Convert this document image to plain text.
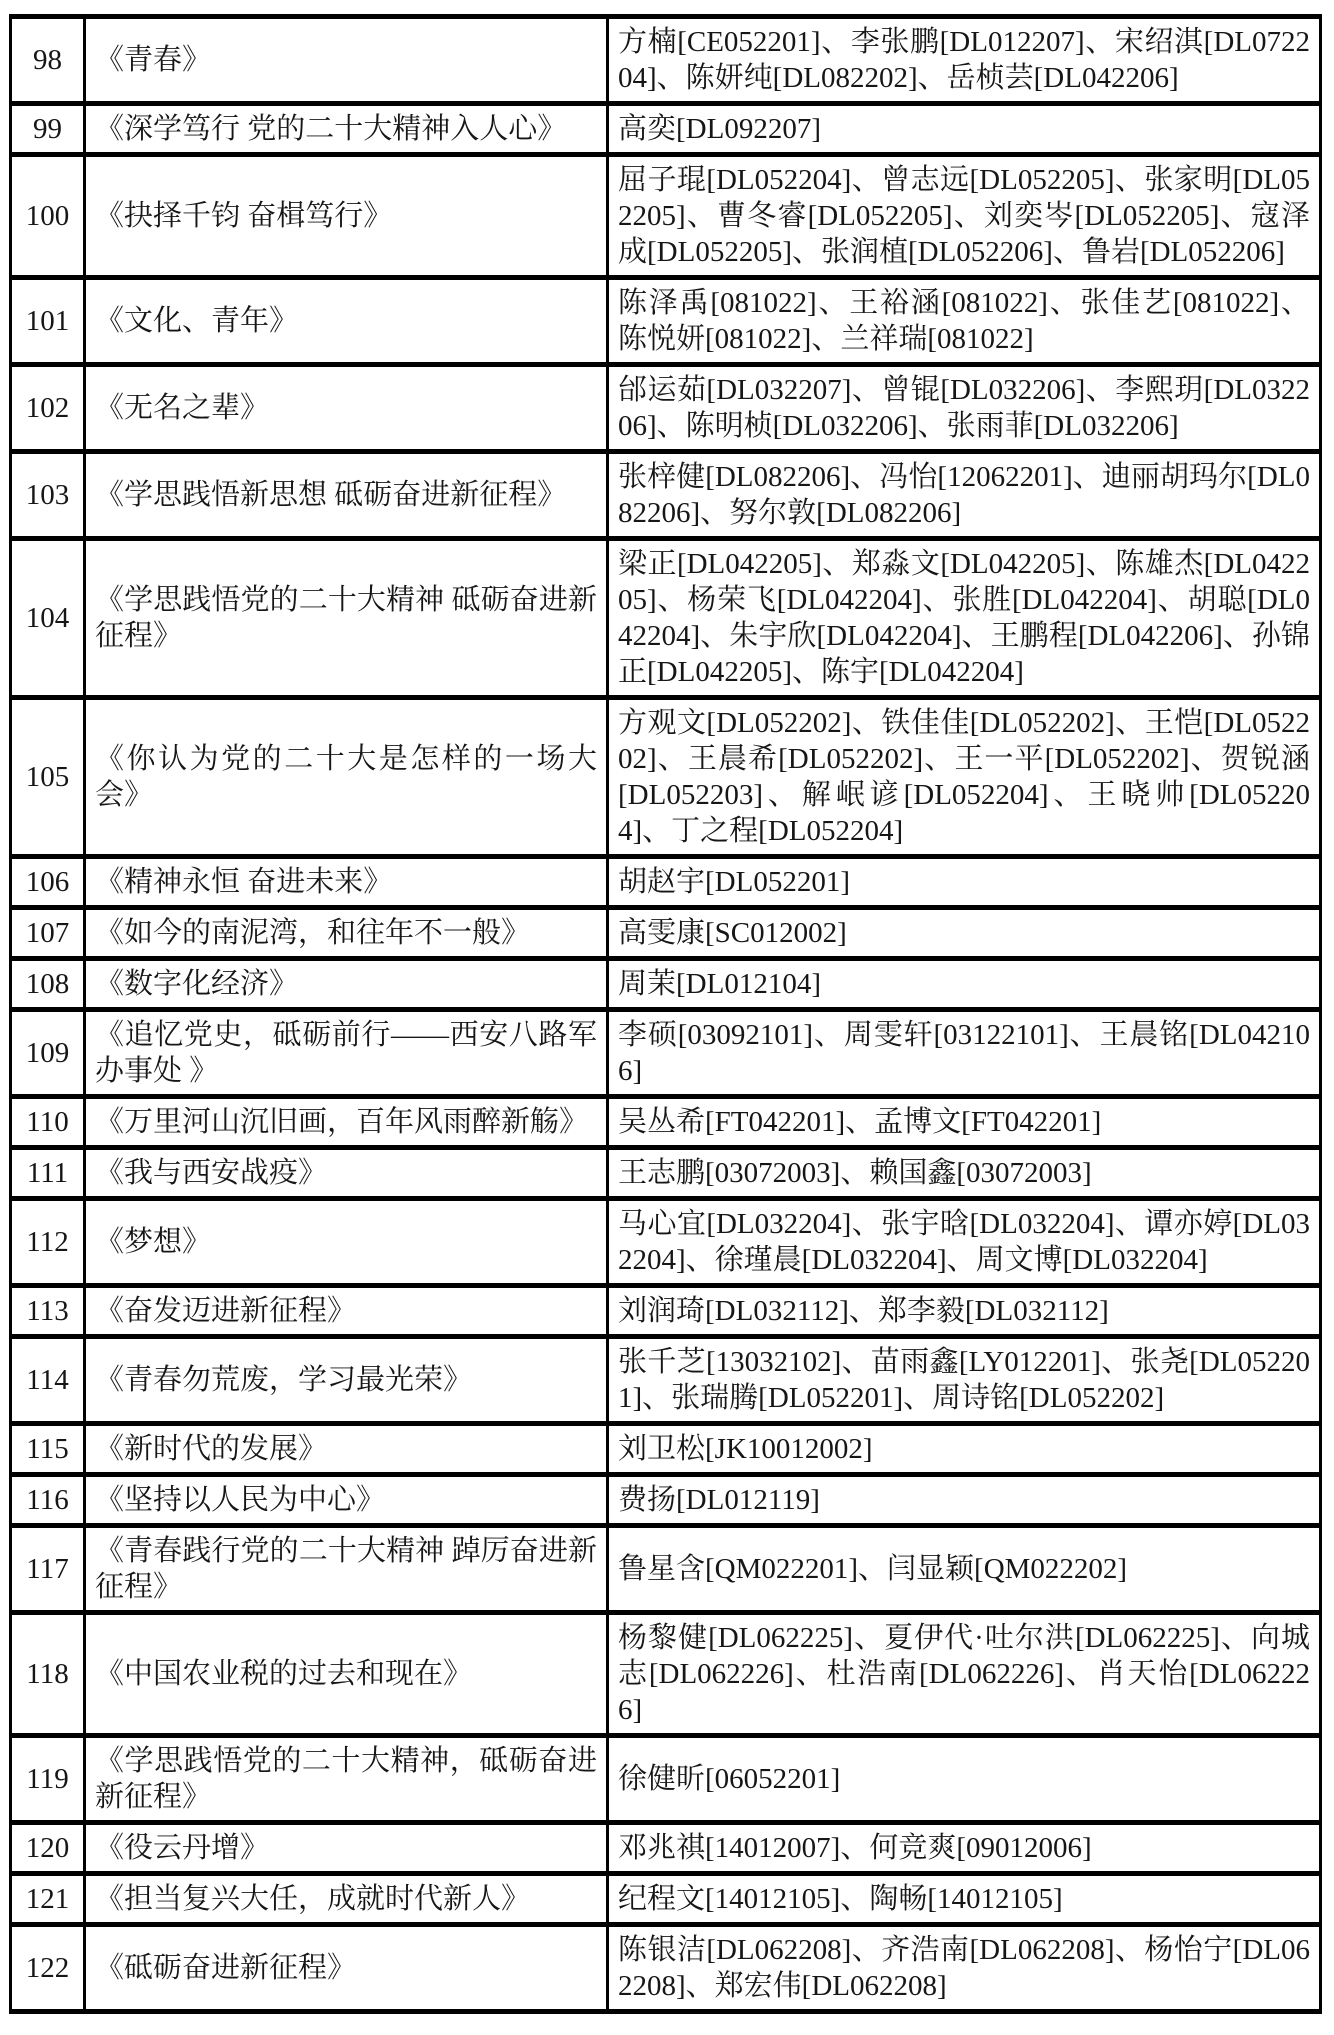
98	《青春》	方楠[CE052201]、李张鹏[DL012207]、宋绍淇[DL072204]、陈妍纯[DL082202]、岳桢芸[DL042206]
99	《深学笃行 党的二十大精神入人心》	高奕[DL092207]
100	《抉择千钧 奋楫笃行》	屈子琨[DL052204]、曾志远[DL052205]、张家明[DL052205]、曹冬睿[DL052205]、刘奕岑[DL052205]、寇泽成[DL052205]、张润植[DL052206]、鲁岩[DL052206]
101	《文化、青年》	陈泽禹[081022]、王裕涵[081022]、张佳艺[081022]、陈悦妍[081022]、兰祥瑞[081022]
102	《无名之辈》	邰运茹[DL032207]、曾锟[DL032206]、李熙玥[DL032206]、陈明桢[DL032206]、张雨菲[DL032206]
103	《学思践悟新思想 砥砺奋进新征程》	张梓健[DL082206]、冯怡[12062201]、迪丽胡玛尔[DL082206]、努尔敦[DL082206]
104	《学思践悟党的二十大精神 砥砺奋进新征程》	梁正[DL042205]、郑淼文[DL042205]、陈雄杰[DL042205]、杨荣飞[DL042204]、张胜[DL042204]、胡聪[DL042204]、朱宇欣[DL042204]、王鹏程[DL042206]、孙锦正[DL042205]、陈宇[DL042204]
105	《你认为党的二十大是怎样的一场大会》	方观文[DL052202]、铁佳佳[DL052202]、王恺[DL052202]、王晨希[DL052202]、王一平[DL052202]、贺锐涵[DL052203]、解岷谚[DL052204]、王晓帅[DL052204]、丁之程[DL052204]
106	《精神永恒 奋进未来》	胡赵宇[DL052201]
107	《如今的南泥湾，和往年不一般》	高雯康[SC012002]
108	《数字化经济》	周茉[DL012104]
109	《追忆党史，砥砺前行——西安八路军办事处 》	李硕[03092101]、周雯轩[03122101]、王晨铭[DL042106]
110	《万里河山沉旧画，百年风雨醉新觞》	吴丛希[FT042201]、孟博文[FT042201]
111	《我与西安战疫》	王志鹏[03072003]、赖国鑫[03072003]
112	《梦想》	马心宜[DL032204]、张宇晗[DL032204]、谭亦婷[DL032204]、徐瑾晨[DL032204]、周文博[DL032204]
113	《奋发迈进新征程》	刘润琦[DL032112]、郑李毅[DL032112]
114	《青春勿荒废，学习最光荣》	张千芝[13032102]、苗雨鑫[LY012201]、张尧[DL052201]、张瑞腾[DL052201]、周诗铭[DL052202]
115	《新时代的发展》	刘卫松[JK10012002]
116	《坚持以人民为中心》	费扬[DL012119]
117	《青春践行党的二十大精神 踔厉奋进新征程》	鲁星含[QM022201]、闫显颖[QM022202]
118	《中国农业税的过去和现在》	杨黎健[DL062225]、夏伊代·吐尔洪[DL062225]、向城志[DL062226]、杜浩南[DL062226]、肖天怡[DL062226]
119	《学思践悟党的二十大精神，砥砺奋进新征程》	徐健昕[06052201]
120	《役云丹增》	邓兆祺[14012007]、何竞爽[09012006]
121	《担当复兴大任，成就时代新人》	纪程文[14012105]、陶畅[14012105]
122	《砥砺奋进新征程》	陈银洁[DL062208]、齐浩南[DL062208]、杨怡宁[DL062208]、郑宏伟[DL062208]
